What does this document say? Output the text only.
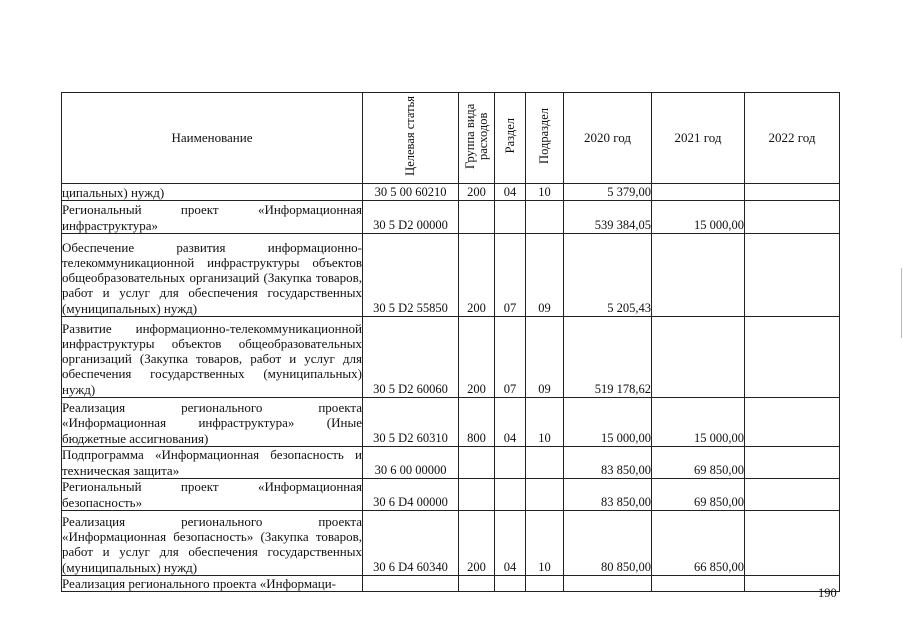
Наименование	Целевая статья	Группа вида расходов	Раздел	Подраздел	2020 год	2021 год	2022 год
ципальных) нужд)	30 5 00 60210	200	04	10	5 379,00		
Региональный проект «Информационная инфраструктура»	30 5 D2 00000				539 384,05	15 000,00	
Обеспечение развития информационно-телекоммуникационной инфраструктуры объектов общеобразовательных организаций (Закупка товаров, работ и услуг для обеспечения государственных (муниципальных) нужд)	30 5 D2 55850	200	07	09	5 205,43		
Развитие информационно-телекоммуникационной инфраструктуры объектов общеобразовательных организаций (Закупка товаров, работ и услуг для обеспечения государственных (муниципальных) нужд)	30 5 D2 60060	200	07	09	519 178,62		
Реализация регионального проекта «Информационная инфраструктура» (Иные бюджетные ассигнования)	30 5 D2 60310	800	04	10	15 000,00	15 000,00	
Подпрограмма «Информационная безопасность и техническая защита»	30 6 00 00000				83 850,00	69 850,00	
Региональный проект «Информационная безопасность»	30 6 D4 00000				83 850,00	69 850,00	
Реализация регионального проекта «Информационная безопасность» (Закупка товаров, работ и услуг для обеспечения государственных (муниципальных) нужд)	30 6 D4 60340	200	04	10	80 850,00	66 850,00	
Реализация регионального проекта «Информаци-							
190
